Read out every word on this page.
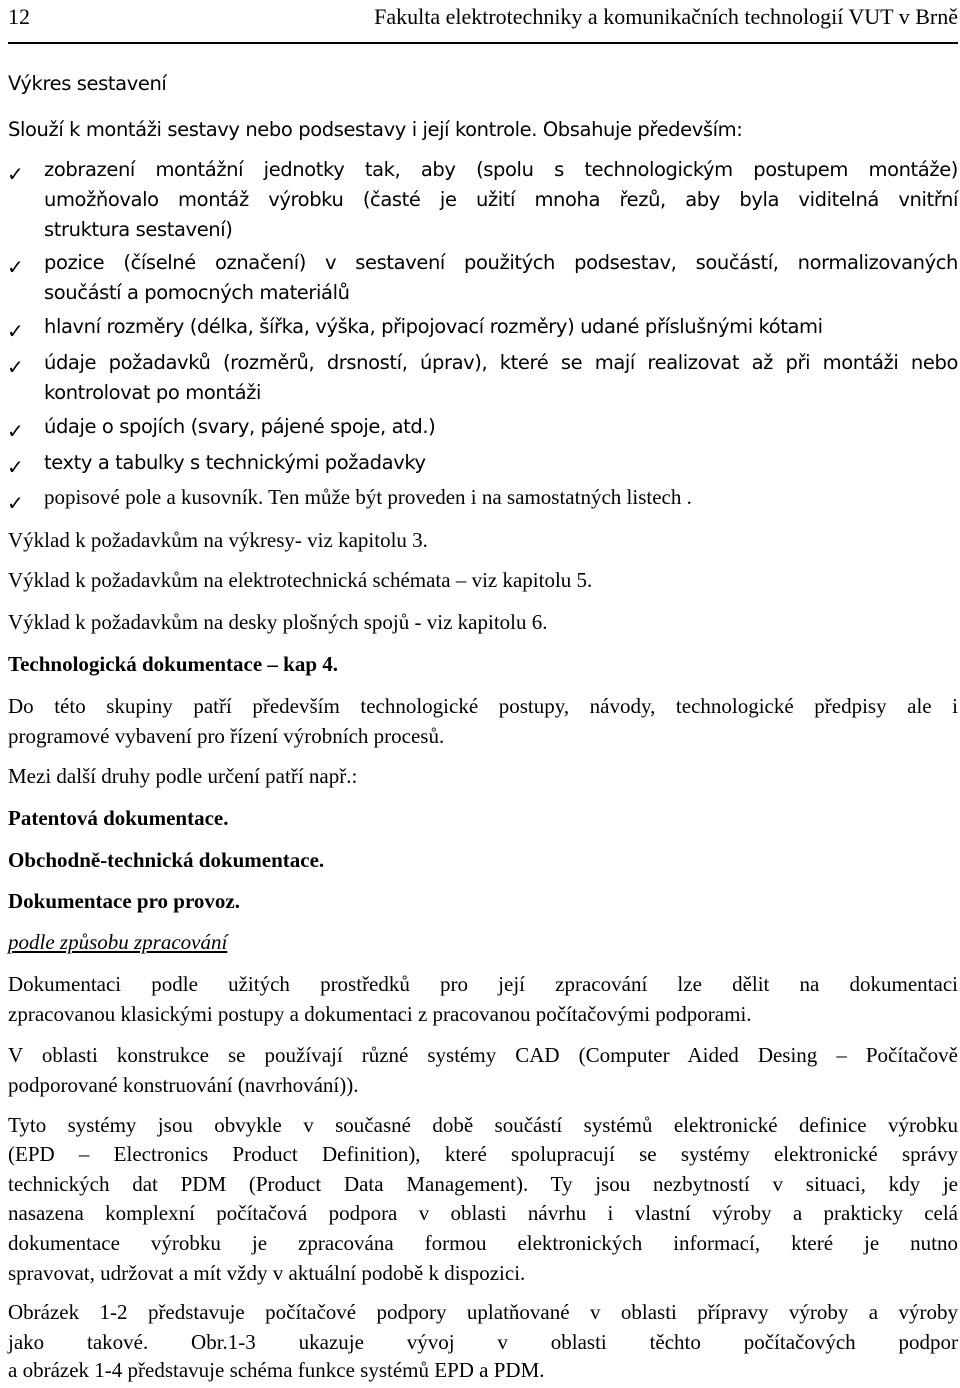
12	Fakulta elektrotechniky a komunikačních technologií VUT v Brně
Výkres sestavení
Slouží k montáži sestavy nebo podsestavy i její kontrole. Obsahuje především:
✓ zobrazení montážní jednotky tak, aby (spolu s technologickým postupem montáže)
umožňovalo montáž výrobku (časté je užití mnoha řezů, aby byla viditelná vnitřní
struktura sestavení)
✓ pozice (číselné označení) v sestavení použitých podsestav, součástí, normalizovaných
součástí a pomocných materiálů
✓ hlavní rozměry (délka, šířka, výška, připojovací rozměry) udané příslušnými kótami
✓ údaje požadavků (rozměrů, drsností, úprav), které se mají realizovat až při montáži nebo
kontrolovat po montáži
✓ údaje o spojích (svary, pájené spoje, atd.)
✓ texty a tabulky s technickými požadavky
✓ popisové pole a kusovník. Ten může být proveden i na samostatných listech .
Výklad k požadavkům na výkresy- viz kapitolu 3.
Výklad k požadavkům na elektrotechnická schémata – viz kapitolu 5.
Výklad k požadavkům na desky plošných spojů - viz kapitolu 6.
Technologická dokumentace – kap 4.
Do této skupiny patří především technologické postupy, návody, technologické předpisy ale i
programové vybavení pro řízení výrobních procesů.
Mezi další druhy podle určení patří např.:
Patentová dokumentace.
Obchodně-technická dokumentace.
Dokumentace pro provoz.
podle způsobu zpracování
Dokumentaci podle užitých prostředků pro její zpracování lze dělit na dokumentaci
zpracovanou klasickými postupy a dokumentaci z pracovanou počítačovými podporami.
V oblasti konstrukce se používají různé systémy CAD (Computer Aided Desing – Počítačově
podporované konstruování (navrhování)).
Tyto systémy jsou obvykle v současné době součástí systémů elektronické definice výrobku
(EPD – Electronics Product Definition), které spolupracují se systémy elektronické správy
technických dat PDM (Product Data Management). Ty jsou nezbytností v situaci, kdy je
nasazena komplexní počítačová podpora v oblasti návrhu i vlastní výroby a prakticky celá
dokumentace výrobku je zpracována formou elektronických informací, které je nutno
spravovat, udržovat a mít vždy v aktuální podobě k dispozici.
Obrázek 1-2 představuje počítačové podpory uplatňované v oblasti přípravy výroby a výroby
jako takové. Obr.1-3 ukazuje vývoj v oblasti těchto počítačových podpor
a obrázek 1-4 představuje schéma funkce systémů EPD a PDM.
